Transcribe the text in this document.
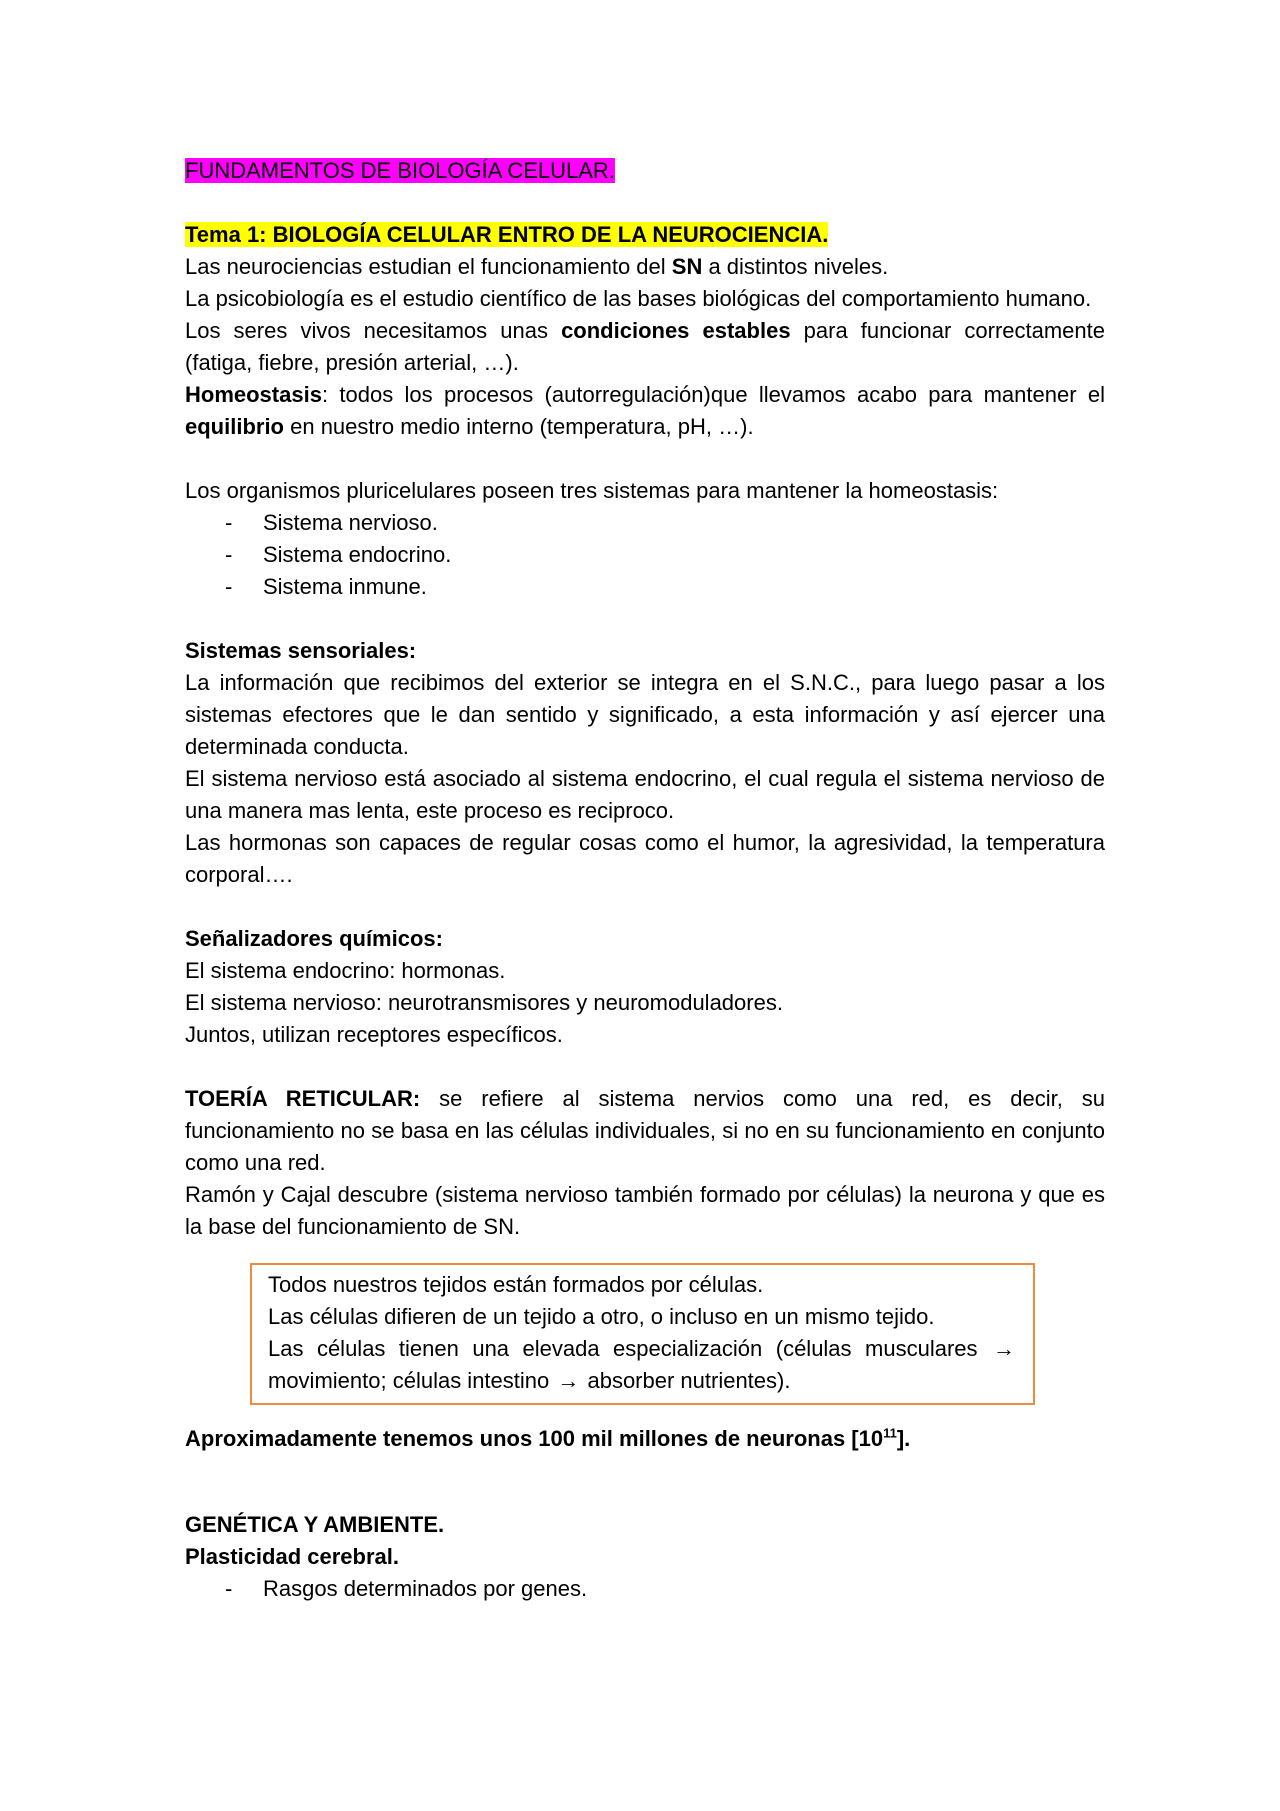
FUNDAMENTOS DE BIOLOGÍA CELULAR.

Tema 1: BIOLOGÍA CELULAR ENTRO DE LA NEUROCIENCIA.

Las neurociencias estudian el funcionamiento del SN a distintos niveles.

La psicobiología es el estudio científico de las bases biológicas del comportamiento humano.

Los seres vivos necesitamos unas condiciones estables para funcionar correctamente (fatiga, fiebre, presión arterial, …).

Homeostasis: todos los procesos (autorregulación)que llevamos acabo para mantener el equilibrio en nuestro medio interno (temperatura, pH, …).

Los organismos pluricelulares poseen tres sistemas para mantener la homeostasis:

- Sistema nervioso.
- Sistema endocrino.
- Sistema inmune.

Sistemas sensoriales:

La información que recibimos del exterior se integra en el S.N.C., para luego pasar a los sistemas efectores que le dan sentido y significado, a esta información y así ejercer una determinada conducta.

El sistema nervioso está asociado al sistema endocrino, el cual regula el sistema nervioso de una manera mas lenta, este proceso es reciproco.

Las hormonas son capaces de regular cosas como el humor, la agresividad, la temperatura corporal….

Señalizadores químicos:

El sistema endocrino: hormonas.

El sistema nervioso: neurotransmisores y neuromoduladores.

Juntos, utilizan receptores específicos.

TOERÍA RETICULAR: se refiere al sistema nervios como una red, es decir, su funcionamiento no se basa en las células individuales, si no en su funcionamiento en conjunto como una red.

Ramón y Cajal descubre (sistema nervioso también formado por células) la neurona y que es la base del funcionamiento de SN.

Todos nuestros tejidos están formados por células.

Las células difieren de un tejido a otro, o incluso en un mismo tejido.

Las células tienen una elevada especialización (células musculares → movimiento; células intestino → absorber nutrientes).

Aproximadamente tenemos unos 100 mil millones de neuronas $[10^{11}]$.

GENÉTICA Y AMBIENTE.

Plasticidad cerebral.

- Rasgos determinados por genes.
